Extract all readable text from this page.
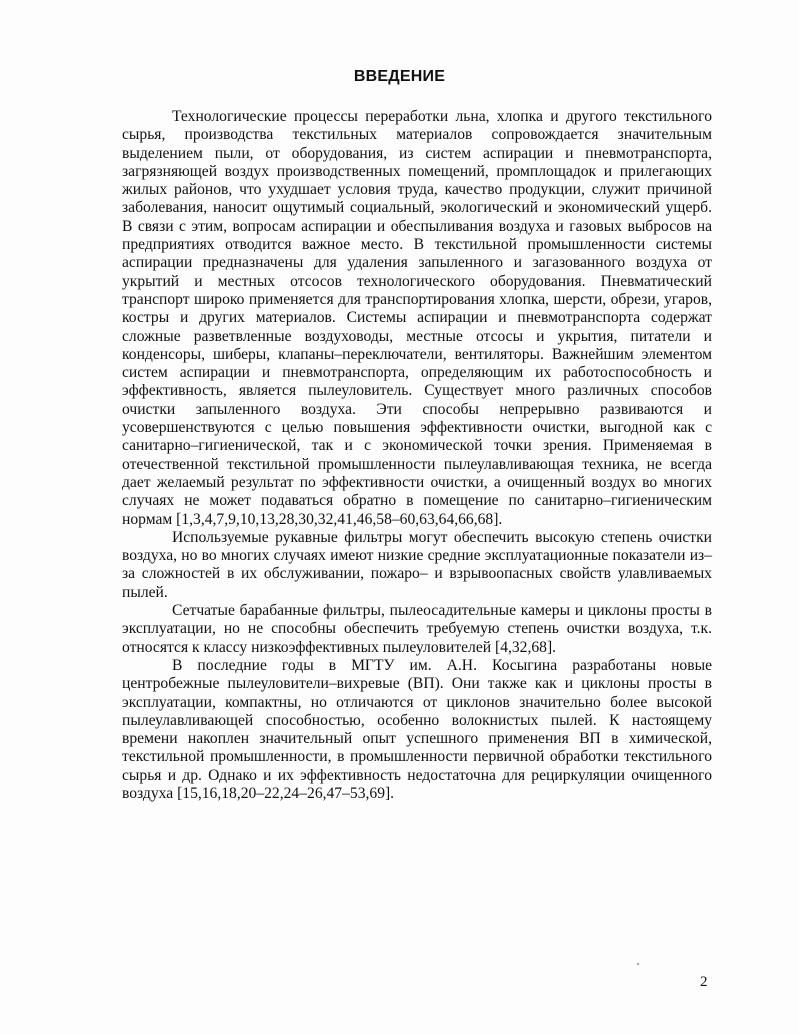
ВВЕДЕНИЕ

Технологические процессы переработки льна, хлопка и другого текстильного сырья, производства текстильных материалов сопровождается значительным выделением пыли, от оборудования, из систем аспирации и пневмотранспорта, загрязняющей воздух производственных помещений, промплощадок и прилегающих жилых районов, что ухудшает условия труда, качество продукции, служит причиной заболевания, наносит ощутимый социальный, экологический и экономический ущерб. В связи с этим, вопросам аспирации и обеспыливания воздуха и газовых выбросов на предприятиях отводится важное место. В текстильной промышленности системы аспирации предназначены для удаления запыленного и загазованного воздуха от укрытий и местных отсосов технологического оборудования. Пневматический транспорт широко применяется для транспортирования хлопка, шерсти, обрези, угаров, костры и других материалов. Системы аспирации и пневмотранспорта содержат сложные разветвленные воздуховоды, местные отсосы и укрытия, питатели и конденсоры, шиберы, клапаны–переключатели, вентиляторы. Важнейшим элементом систем аспирации и пневмотранспорта, определяющим их работоспособность и эффективность, является пылеуловитель. Существует много различных способов очистки запыленного воздуха. Эти способы непрерывно развиваются и усовершенствуются с целью повышения эффективности очистки, выгодной как с санитарно–гигиенической, так и с экономической точки зрения. Применяемая в отечественной текстильной промышленности пылеулавливающая техника, не всегда дает желаемый результат по эффективности очистки, а очищенный воздух во многих случаях не может подаваться обратно в помещение по санитарно–гигиеническим нормам [1,3,4,7,9,10,13,28,30,32,41,46,58–60,63,64,66,68].

Используемые рукавные фильтры могут обеспечить высокую степень очистки воздуха, но во многих случаях имеют низкие средние эксплуатационные показатели из–за сложностей в их обслуживании, пожаро– и взрывоопасных свойств улавливаемых пылей.

Сетчатые барабанные фильтры, пылеосадительные камеры и циклоны просты в эксплуатации, но не способны обеспечить требуемую степень очистки воздуха, т.к. относятся к классу низкоэффективных пылеуловителей [4,32,68].

В последние годы в МГТУ им. А.Н. Косыгина разработаны новые центробежные пылеуловители–вихревые (ВП). Они также как и циклоны просты в эксплуатации, компактны, но отличаются от циклонов значительно более высокой пылеулавливающей способностью, особенно волокнистых пылей. К настоящему времени накоплен значительный опыт успешного применения ВП в химической, текстильной промышленности, в промышленности первичной обработки текстильного сырья и др. Однако и их эффективность недостаточна для рециркуляции очищенного воздуха [15,16,18,20–22,24–26,47–53,69].

2
